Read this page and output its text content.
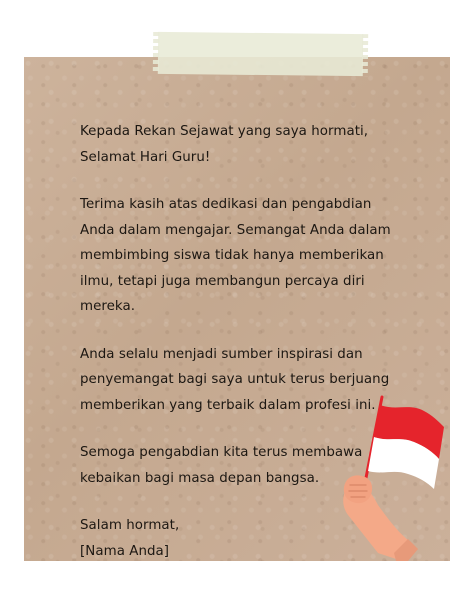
Kepada Rekan Sejawat yang saya hormati,

Selamat Hari Guru!

Terima kasih atas dedikasi dan pengabdian

Anda dalam mengajar. Semangat Anda dalam

membimbing siswa tidak hanya memberikan

ilmu, tetapi juga membangun percaya diri

mereka.

Anda selalu menjadi sumber inspirasi dan

penyemangat bagi saya untuk terus berjuang

memberikan yang terbaik dalam profesi ini.

Semoga pengabdian kita terus membawa

kebaikan bagi masa depan bangsa.

Salam hormat,

[Nama Anda]
